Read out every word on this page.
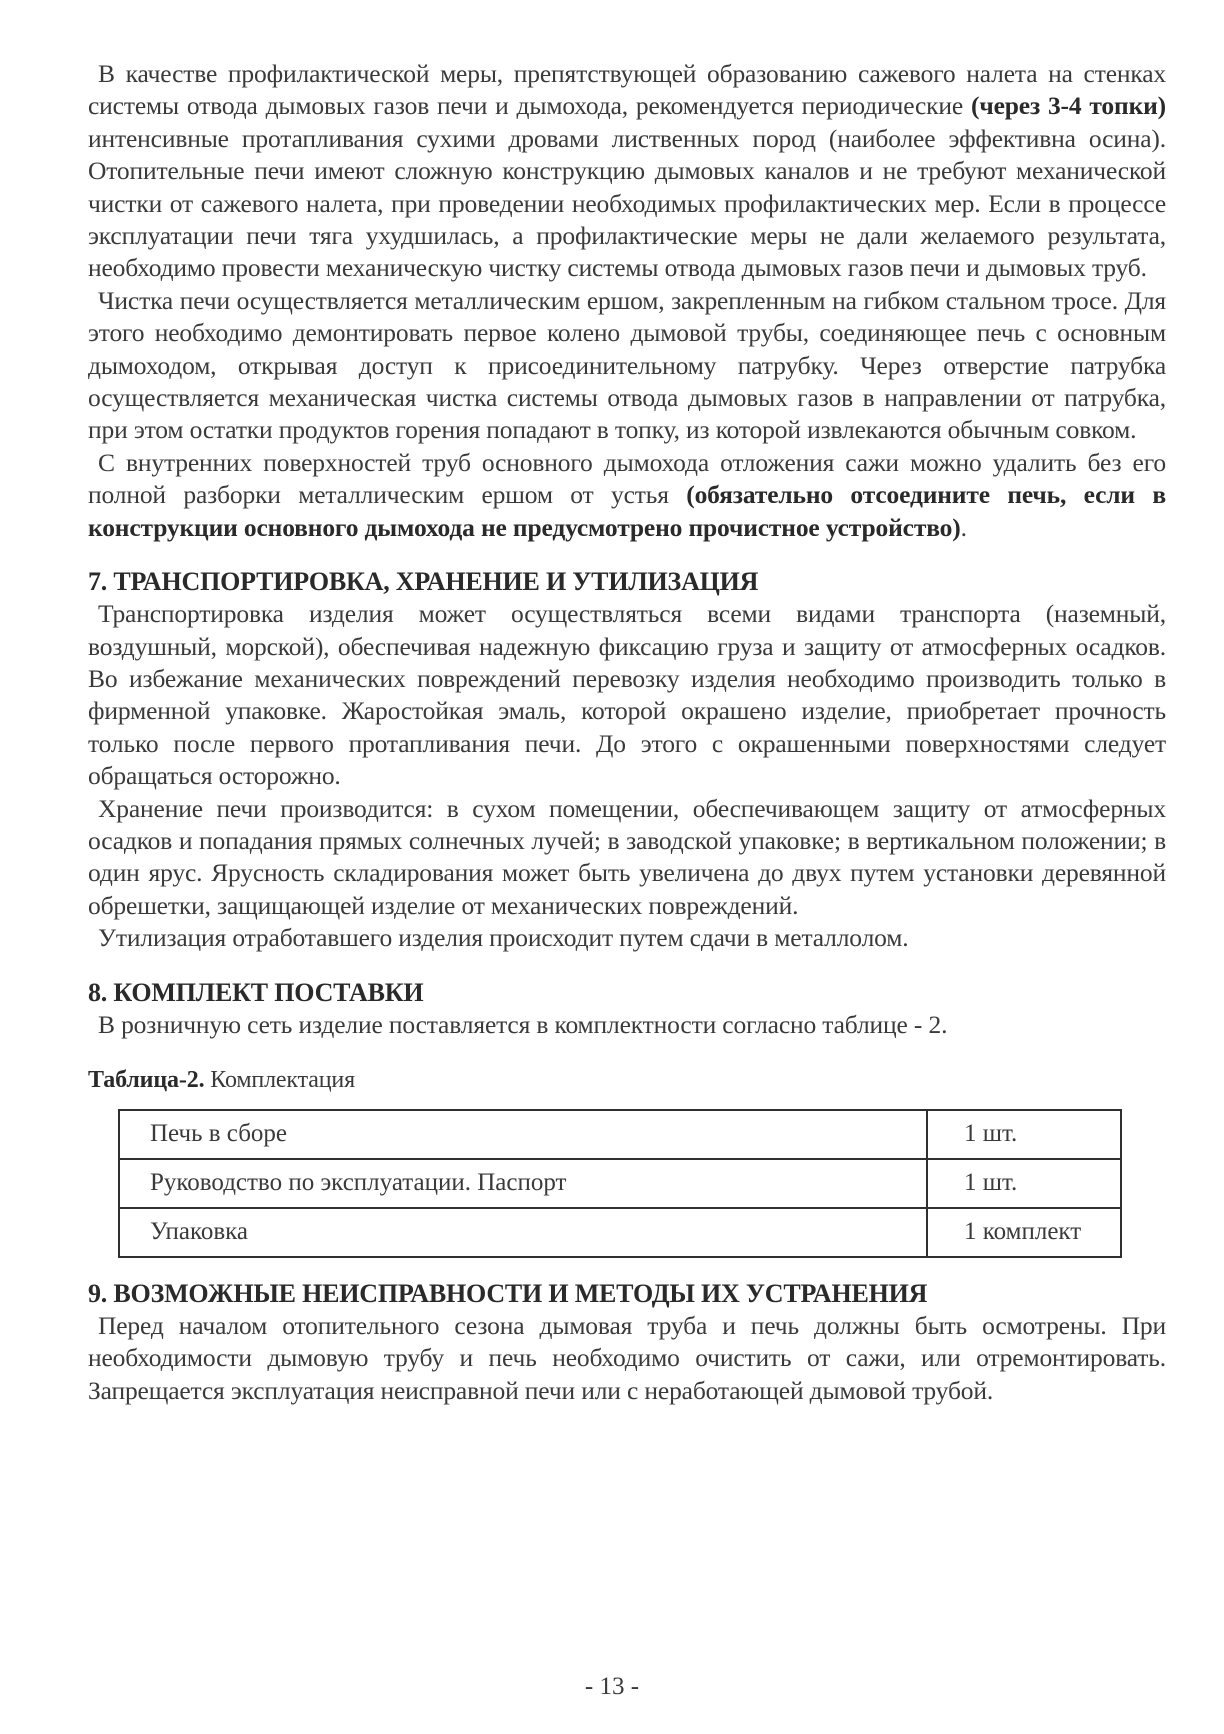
В качестве профилактической меры, препятствующей образованию сажевого налета на стенках системы отвода дымовых газов печи и дымохода, рекомендуется периодические (через 3-4 топки) интенсивные протапливания сухими дровами лиственных пород (наиболее эффективна осина). Отопительные печи имеют сложную конструкцию дымовых каналов и не требуют механической чистки от сажевого налета, при проведении необходимых профилактических мер. Если в процессе эксплуатации печи тяга ухудшилась, а профилактические меры не дали желаемого результата, необходимо провести механическую чистку системы отвода дымовых газов печи и дымовых труб.

Чистка печи осуществляется металлическим ершом, закрепленным на гибком стальном тросе. Для этого необходимо демонтировать первое колено дымовой трубы, соединяющее печь с основным дымоходом, открывая доступ к присоединительному патрубку. Через отверстие патрубка осуществляется механическая чистка системы отвода дымовых газов в направлении от патрубка, при этом остатки продуктов горения попадают в топку, из которой извлекаются обычным совком.

С внутренних поверхностей труб основного дымохода отложения сажи можно удалить без его полной разборки металлическим ершом от устья (обязательно отсоедините печь, если в конструкции основного дымохода не предусмотрено прочистное устройство).

7. ТРАНСПОРТИРОВКА, ХРАНЕНИЕ И УТИЛИЗАЦИЯ

Транспортировка изделия может осуществляться всеми видами транспорта (наземный, воздушный, морской), обеспечивая надежную фиксацию груза и защиту от атмосферных осадков. Во избежание механических повреждений перевозку изделия необходимо производить только в фирменной упаковке. Жаростойкая эмаль, которой окрашено изделие, приобретает прочность только после первого протапливания печи. До этого с окрашенными поверхностями следует обращаться осторожно.

Хранение печи производится: в сухом помещении, обеспечивающем защиту от атмосферных осадков и попадания прямых солнечных лучей; в заводской упаковке; в вертикальном положении; в один ярус. Ярусность складирования может быть увеличена до двух путем установки деревянной обрешетки, защищающей изделие от механических повреждений.

Утилизация отработавшего изделия происходит путем сдачи в металлолом.

8. КОМПЛЕКТ ПОСТАВКИ

В розничную сеть изделие поставляется в комплектности согласно таблице - 2.

Таблица-2. Комплектация

Печь в сборе	1 шт.
Руководство по эксплуатации. Паспорт	1 шт.
Упаковка	1 комплект
9. ВОЗМОЖНЫЕ НЕИСПРАВНОСТИ И МЕТОДЫ ИХ УСТРАНЕНИЯ

Перед началом отопительного сезона дымовая труба и печь должны быть осмотрены. При необходимости дымовую трубу и печь необходимо очистить от сажи, или отремонтировать. Запрещается эксплуатация неисправной печи или с неработающей дымовой трубой.

- 13 -
